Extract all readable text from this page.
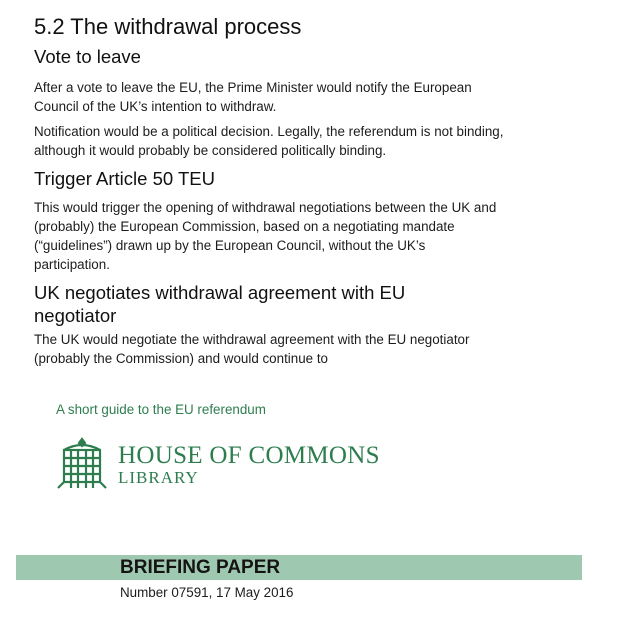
5.2 The withdrawal process
Vote to leave

After a vote to leave the EU, the Prime Minister would notify the European Council of the UK’s intention to withdraw.

Notification would be a political decision. Legally, the referendum is not binding, although it would probably be considered politically binding.

Trigger Article 50 TEU

This would trigger the opening of withdrawal negotiations between the UK and (probably) the European Commission, based on a negotiating mandate (“guidelines”) drawn up by the European Council, without the UK’s participation.

UK negotiates withdrawal agreement with EU negotiator

The UK would negotiate the withdrawal agreement with the EU negotiator (probably the Commission) and would continue to

A short guide to the EU referendum

HOUSE OF COMMONS
LIBRARY

BRIEFING PAPER

Number 07591, 17 May 2016
